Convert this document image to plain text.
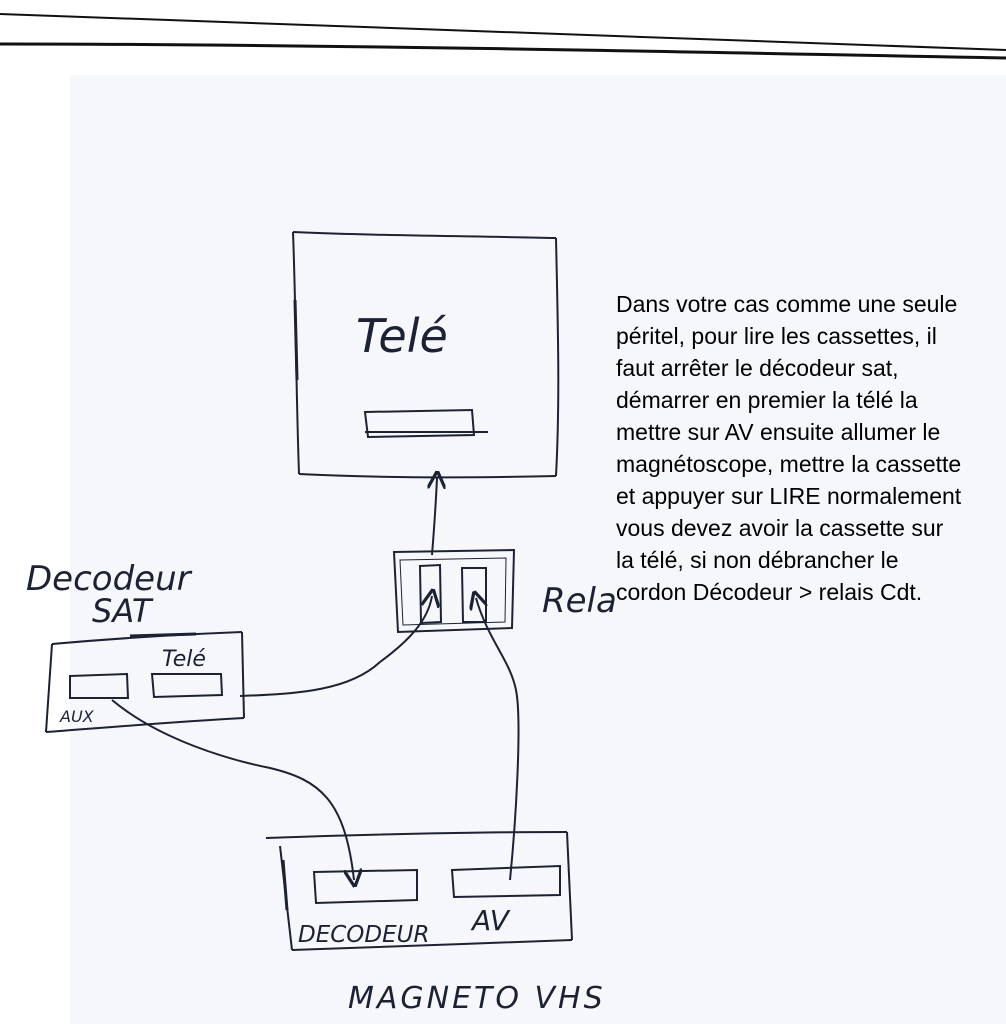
Telé
Rela
Decodeur
SAT
Telé
AUX
DECODEUR AV
MAGNETO VHS
Dans votre cas comme une seule péritel, pour lire les cassettes, il faut arrêter le décodeur sat, démarrer en premier la télé la mettre sur AV ensuite allumer le magnétoscope, mettre la cassette et appuyer sur LIRE normalement vous devez avoir la cassette sur la télé, si non débrancher le cordon Décodeur > relais Cdt.
